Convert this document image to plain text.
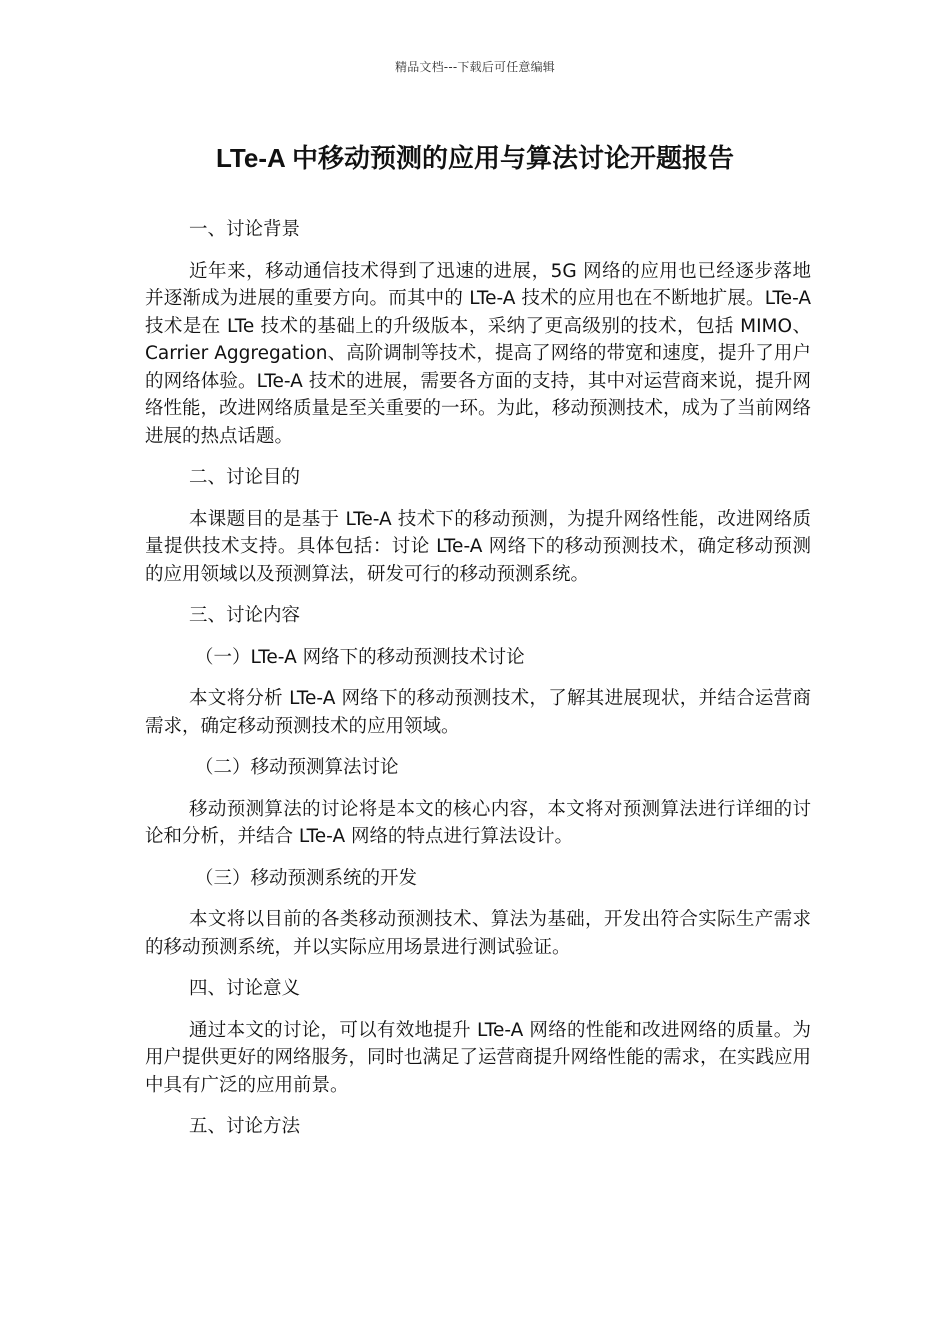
精品文档---下载后可任意编辑
LTe-A 中移动预测的应用与算法讨论开题报告

一、讨论背景

近年来，移动通信技术得到了迅速的进展，5G 网络的应用也已经逐步落地并逐渐成为进展的重要方向。而其中的 LTe-A 技术的应用也在不断地扩展。LTe-A 技术是在 LTe 技术的基础上的升级版本，采纳了更高级别的技术，包括 MIMO、Carrier Aggregation、高阶调制等技术，提高了网络的带宽和速度，提升了用户的网络体验。LTe-A 技术的进展，需要各方面的支持，其中对运营商来说，提升网络性能，改进网络质量是至关重要的一环。为此，移动预测技术，成为了当前网络进展的热点话题。

二、讨论目的

本课题目的是基于 LTe-A 技术下的移动预测，为提升网络性能，改进网络质量提供技术支持。具体包括：讨论 LTe-A 网络下的移动预测技术，确定移动预测的应用领域以及预测算法，研发可行的移动预测系统。

三、讨论内容

（一）LTe-A 网络下的移动预测技术讨论

本文将分析 LTe-A 网络下的移动预测技术，了解其进展现状，并结合运营商需求，确定移动预测技术的应用领域。

（二）移动预测算法讨论

移动预测算法的讨论将是本文的核心内容，本文将对预测算法进行详细的讨论和分析，并结合 LTe-A 网络的特点进行算法设计。

（三）移动预测系统的开发

本文将以目前的各类移动预测技术、算法为基础，开发出符合实际生产需求的移动预测系统，并以实际应用场景进行测试验证。

四、讨论意义

通过本文的讨论，可以有效地提升 LTe-A 网络的性能和改进网络的质量。为用户提供更好的网络服务，同时也满足了运营商提升网络性能的需求，在实践应用中具有广泛的应用前景。

五、讨论方法
